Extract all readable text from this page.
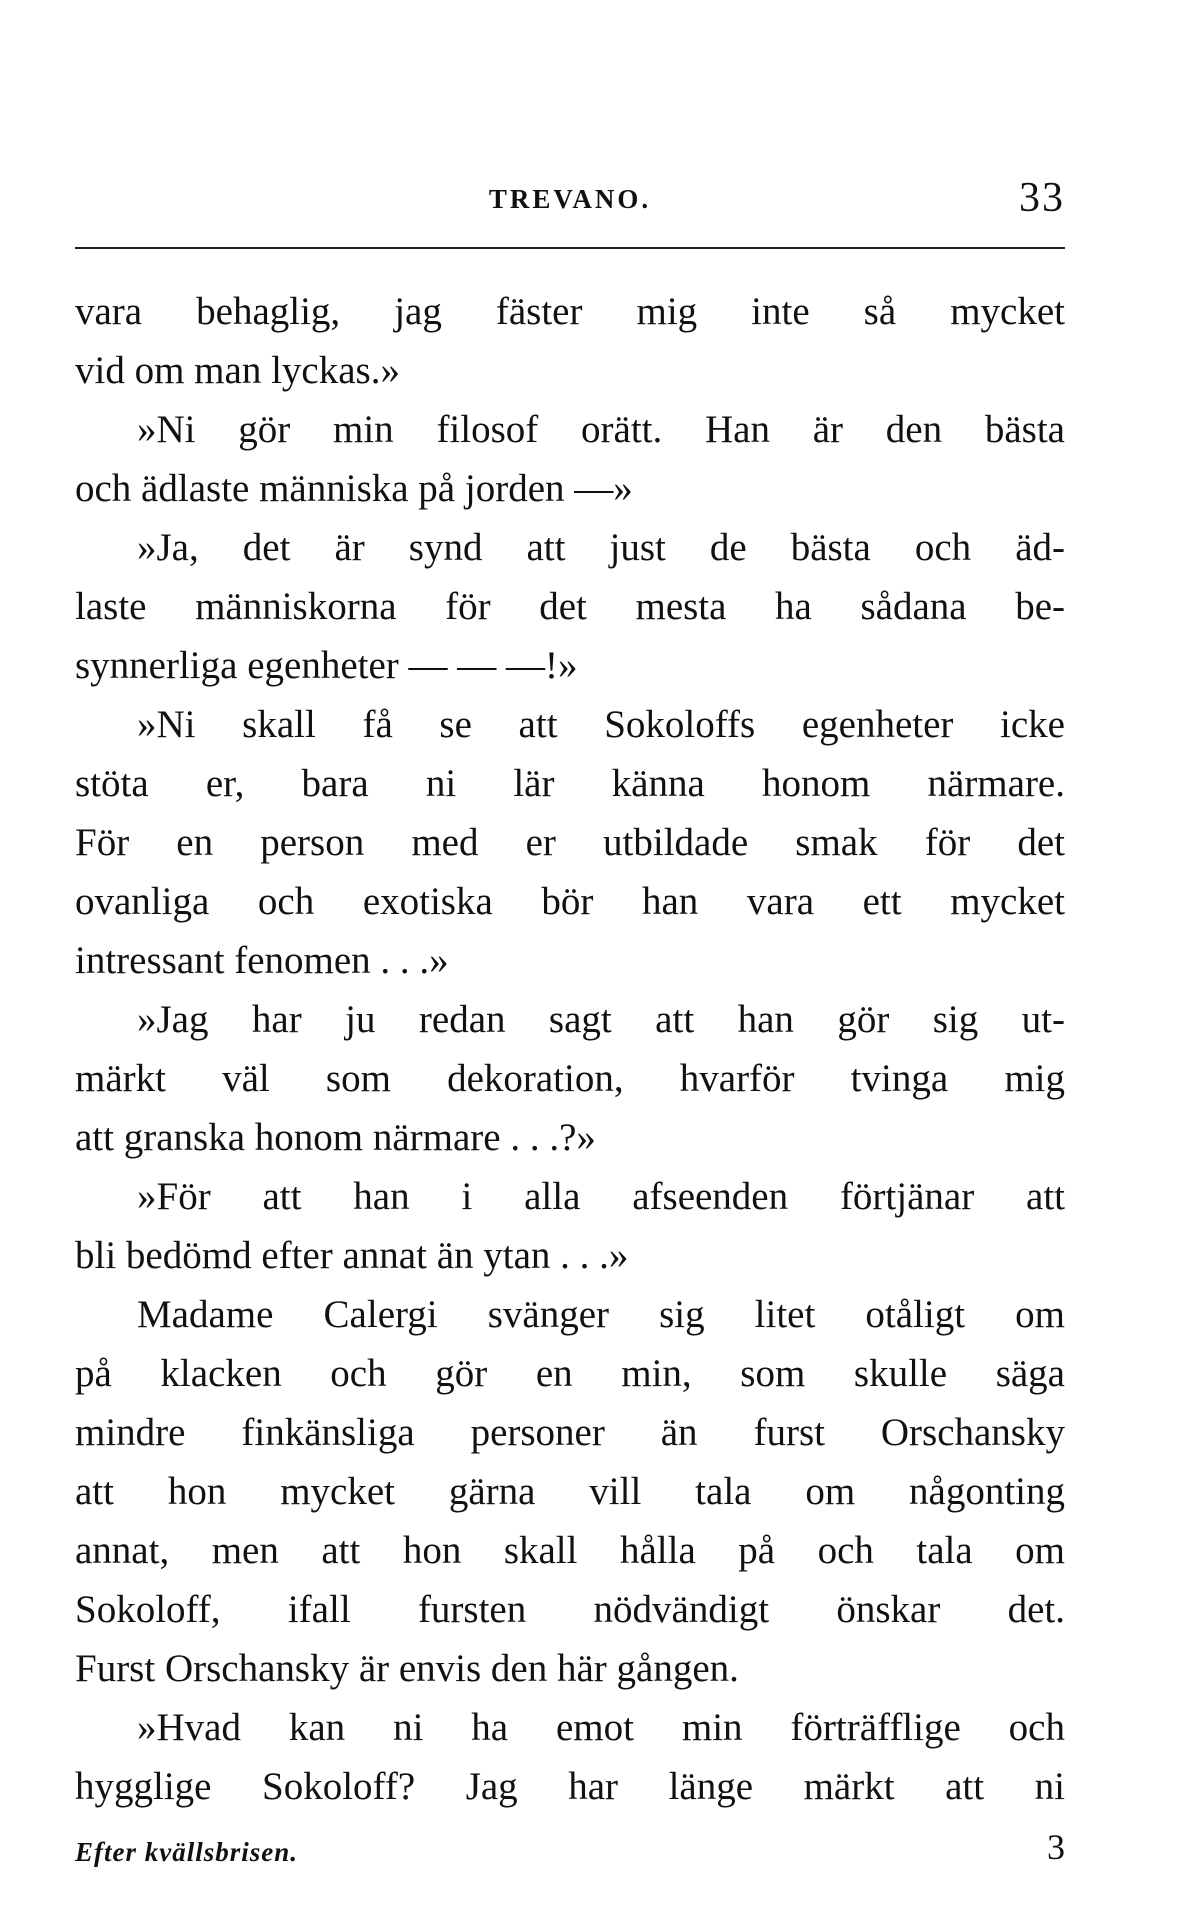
TREVANO.	33
vara behaglig, jag fäster mig inte så mycket
vid om man lyckas.»
»Ni gör min filosof orätt. Han är den bästa
och ädlaste människa på jorden —»
»Ja, det är synd att just de bästa och äd-
laste människorna för det mesta ha sådana be-
synnerliga egenheter — — —!»
»Ni skall få se att Sokoloffs egenheter icke
stöta er, bara ni lär känna honom närmare.
För en person med er utbildade smak för det
ovanliga och exotiska bör han vara ett mycket
intressant fenomen . . .»
»Jag har ju redan sagt att han gör sig ut-
märkt väl som dekoration, hvarför tvinga mig
att granska honom närmare . . .?»
»För att han i alla afseenden förtjänar att
bli bedömd efter annat än ytan . . .»
Madame Calergi svänger sig litet otåligt om
på klacken och gör en min, som skulle säga
mindre finkänsliga personer än furst Orschansky
att hon mycket gärna vill tala om någonting
annat, men att hon skall hålla på och tala om
Sokoloff, ifall fursten nödvändigt önskar det.
Furst Orschansky är envis den här gången.
»Hvad kan ni ha emot min förträfflige och
hygglige Sokoloff? Jag har länge märkt att ni
Efter kvällsbrisen.	3
